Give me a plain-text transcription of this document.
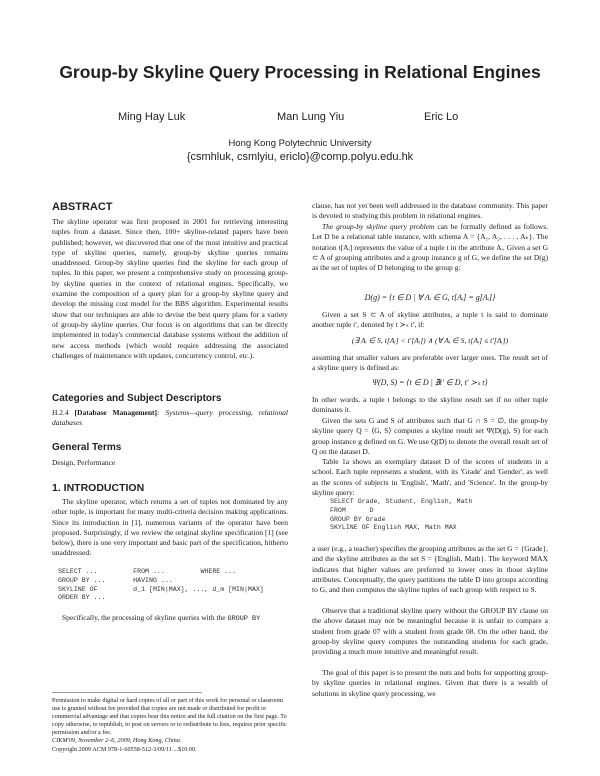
Group-by Skyline Query Processing in Relational Engines
Ming Hay Luk	Man Lung Yiu	Eric Lo
Hong Kong Polytechnic University
{csmhluk, csmlyiu, ericlo}@comp.polyu.edu.hk
ABSTRACT

The skyline operator was first proposed in 2001 for retrieving interesting tuples from a dataset. Since then, 100+ skyline-related papers have been published; however, we discovered that one of the most intuitive and practical type of skyline queries, namely, group-by skyline queries remains unaddressed. Group-by skyline queries find the skyline for each group of tuples. In this paper, we present a comprehensive study on processing group-by skyline queries in the context of relational engines. Specifically, we examine the composition of a query plan for a group-by skyline query and develop the missing cost model for the BBS algorithm. Experimental results show that our techniques are able to devise the best query plans for a variety of group-by skyline queries. Our focus is on algorithms that can be directly implemented in today's commercial database systems without the addition of new access methods (which would require addressing the associated challenges of maintenance with updates, concurrency control, etc.).

Categories and Subject Descriptors

H.2.4 [Database Management]: Systems—query processing, relational databases

General Terms

Design, Performance

1. INTRODUCTION

The skyline operator, which returns a set of tuples not dominated by any other tuple, is important for many multi-criteria decision making applications. Since its introduction in [1], numerous variants of the operator have been proposed. Surprisingly, if we review the original skyline specification [1] (see below), there is one very important and basic part of the specification, hitherto unaddressed:

SELECT ...         FROM ...         WHERE ...
GROUP BY ...       HAVING ...
SKYLINE OF         d_1 [MIN|MAX], ..., d_m [MIN|MAX]
ORDER BY ...

Specifically, the processing of skyline queries with the GROUP BY

Permission to make digital or hard copies of all or part of this work for personal or classroom use is granted without fee provided that copies are not made or distributed for profit or commercial advantage and that copies bear this notice and the full citation on the first page. To copy otherwise, to republish, to post on servers or to redistribute to lists, requires prior specific permission and/or a fee.
CIKM'09, November 2–6, 2009, Hong Kong, China.
Copyright 2009 ACM 978-1-60558-512-3/09/11 ...$10.00.

clause, has not yet been well addressed in the database community. This paper is devoted to studying this problem in relational engines.

The group-by skyline query problem can be formally defined as follows. Let D be a relational table instance, with schema A = {A₁, A₂, . . . , Aₖ}. The notation t[Aᵢ] represents the value of a tuple t in the attribute Aᵢ. Given a set G ⊂ A of grouping attributes and a group instance g of G, we define the set D(g) as the set of tuples of D belonging to the group g:

D(g) = {t ∈ D | ∀ Aᵢ ∈ G, t[Aᵢ] = g[Aᵢ]}

Given a set S ⊂ A of skyline attributes, a tuple t is said to dominate another tuple t′, denoted by t ≻ₛ t′, if:

(∃ Aᵢ ∈ S, t[Aᵢ] < t′[Aᵢ]) ∧ (∀ Aᵢ ∈ S, t[Aᵢ] ≤ t′[Aᵢ])

assuming that smaller values are preferable over larger ones. The result set of a skyline query is defined as:

Ψ(D, S) = {t ∈ D | ∄t′ ∈ D, t′ ≻ₛ t}

In other words, a tuple t belongs to the skyline result set if no other tuple dominates it.

Given the sets G and S of attributes such that G ∩ S = ∅, the group-by skyline query Q = ⟨G, S⟩ computes a skyline result set Ψ(D(g), S) for each group instance g defined on G. We use Q(D) to denote the overall result set of Q on the dataset D.

Table 1a shows an exemplary dataset D of the scores of students in a school. Each tuple represents a student, with its 'Grade' and 'Gender', as well as the scores of subjects in 'English', 'Math', and 'Science'. In the group-by skyline query:

SELECT Grade, Student, English, Math
FROM      D
GROUP BY Grade
SKYLINE OF English MAX, Math MAX

a user (e.g., a teacher) specifies the grouping attributes as the set G = {Grade}, and the skyline attributes as the set S = {English, Math}. The keyword MAX indicates that higher values are preferred to lower ones in those skyline attributes. Conceptually, the query partitions the table D into groups according to G, and then computes the skyline tuples of each group with respect to S.

Observe that a traditional skyline query without the GROUP BY clause on the above dataset may not be meaningful because it is unfair to compare a student from grade 07 with a student from grade 08. On the other hand, the group-by skyline query computes the outstanding students for each grade, providing a much more intuitive and meaningful result.

The goal of this paper is to present the nuts and bolts for supporting group-by skyline queries in relational engines. Given that there is a wealth of solutions in skyline query processing, we
